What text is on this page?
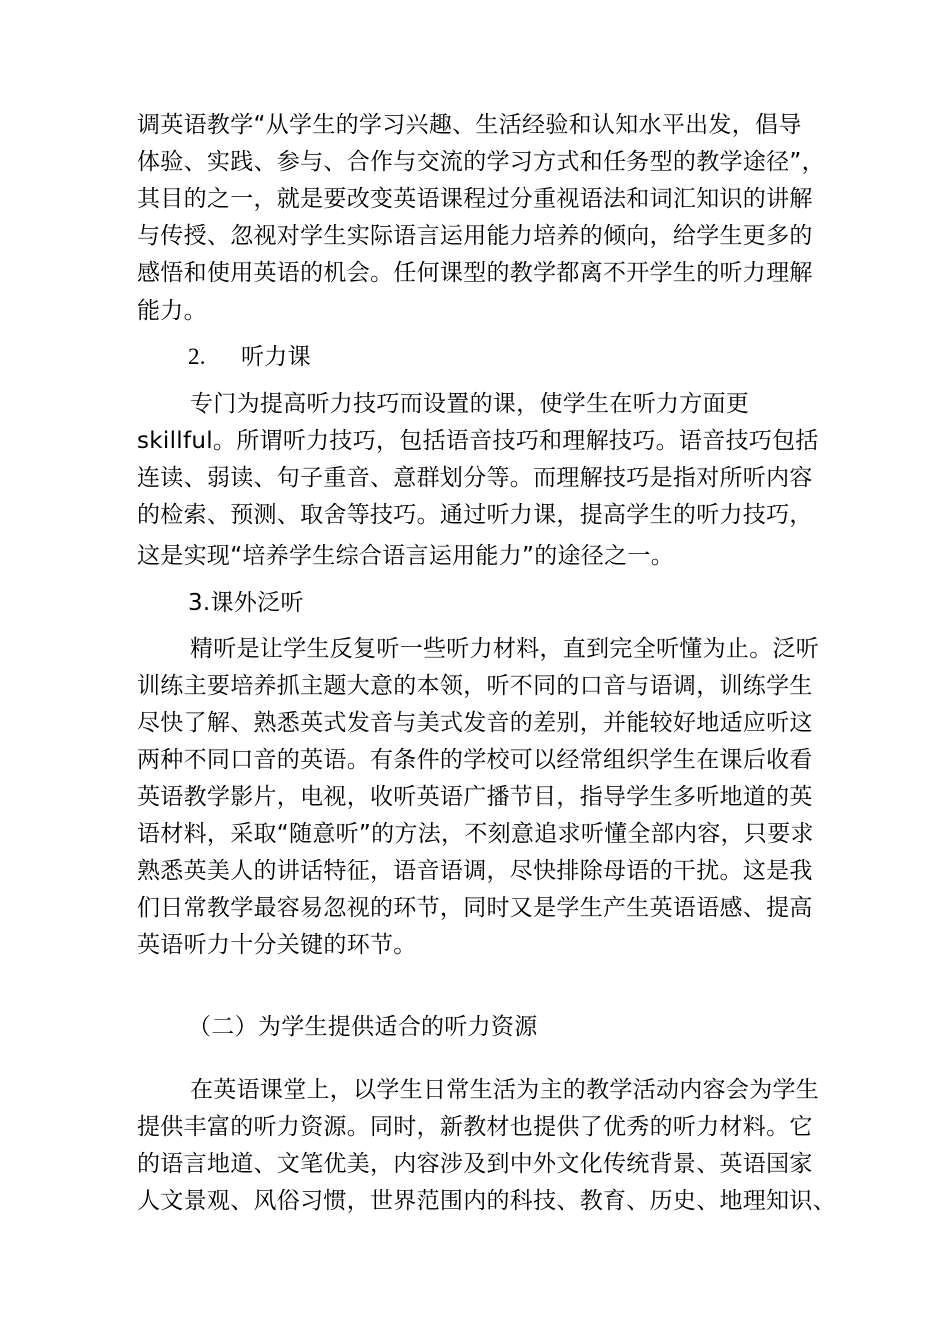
调英语教学“从学生的学习兴趣、生活经验和认知水平出发，倡导
体验、实践、参与、合作与交流的学习方式和任务型的教学途径”，
其目的之一，就是要改变英语课程过分重视语法和词汇知识的讲解
与传授、忽视对学生实际语言运用能力培养的倾向，给学生更多的
感悟和使用英语的机会。任何课型的教学都离不开学生的听力理解
能力。
2. 听力课
专门为提高听力技巧而设置的课，使学生在听力方面更
skillful。所谓听力技巧，包括语音技巧和理解技巧。语音技巧包括
连读、弱读、句子重音、意群划分等。而理解技巧是指对所听内容
的检索、预测、取舍等技巧。通过听力课，提高学生的听力技巧，
这是实现“培养学生综合语言运用能力”的途径之一。
3.课外泛听
精听是让学生反复听一些听力材料，直到完全听懂为止。泛听
训练主要培养抓主题大意的本领，听不同的口音与语调，训练学生
尽快了解、熟悉英式发音与美式发音的差别，并能较好地适应听这
两种不同口音的英语。有条件的学校可以经常组织学生在课后收看
英语教学影片，电视，收听英语广播节目，指导学生多听地道的英
语材料，采取“随意听”的方法，不刻意追求听懂全部内容，只要求
熟悉英美人的讲话特征，语音语调，尽快排除母语的干扰。这是我
们日常教学最容易忽视的环节，同时又是学生产生英语语感、提高
英语听力十分关键的环节。
（二）为学生提供适合的听力资源
在英语课堂上，以学生日常生活为主的教学活动内容会为学生
提供丰富的听力资源。同时，新教材也提供了优秀的听力材料。它
的语言地道、文笔优美，内容涉及到中外文化传统背景、英语国家
人文景观、风俗习惯，世界范围内的科技、教育、历史、地理知识、
